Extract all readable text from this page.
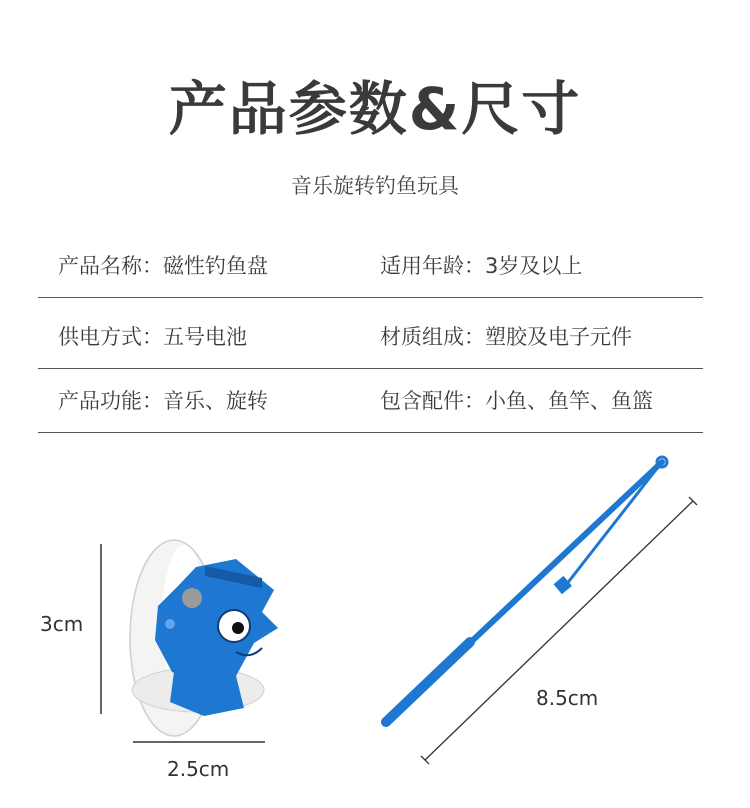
产品参数&尺寸
音乐旋转钓鱼玩具
产品名称：磁性钓鱼盘	适用年龄：3岁及以上
供电方式：五号电池	材质组成：塑胶及电子元件
产品功能：音乐、旋转	包含配件：小鱼、鱼竿、鱼篮
3cm
2.5cm
8.5cm
